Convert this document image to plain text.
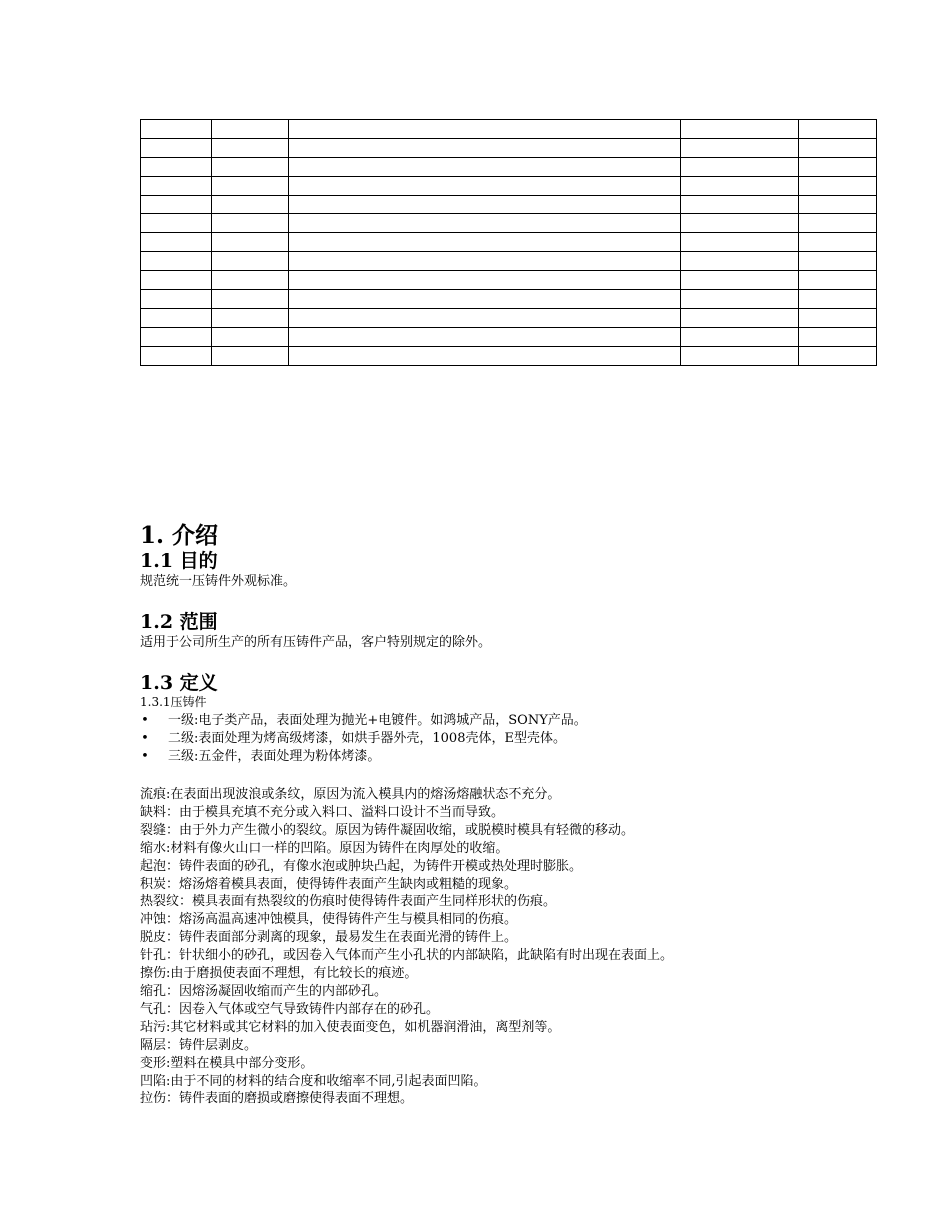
1. 介绍
1.1 目的

规范统一压铸件外观标准。

1.2 范围

适用于公司所生产的所有压铸件产品，客户特别规定的除外。

1.3 定义

1.3.1压铸件

• 一级:电子类产品，表面处理为抛光+电镀件。如鸿城产品，SONY产品。
• 二级:表面处理为烤高级烤漆，如烘手器外壳，1008壳体，E型壳体。
• 三级:五金件，表面处理为粉体烤漆。
流痕:在表面出现波浪或条纹，原因为流入模具内的熔汤熔融状态不充分。
缺料：由于模具充填不充分或入料口、溢料口设计不当而导致。
裂缝：由于外力产生微小的裂纹。原因为铸件凝固收缩，或脱模时模具有轻微的移动。
缩水:材料有像火山口一样的凹陷。原因为铸件在肉厚处的收缩。
起泡：铸件表面的砂孔，有像水泡或肿块凸起，为铸件开模或热处理时膨胀。
积炭：熔汤熔着模具表面，使得铸件表面产生缺肉或粗糙的现象。
热裂纹：模具表面有热裂纹的伤痕时使得铸件表面产生同样形状的伤痕。
冲蚀：熔汤高温高速冲蚀模具，使得铸件产生与模具相同的伤痕。
脱皮：铸件表面部分剥离的现象，最易发生在表面光滑的铸件上。
针孔：针状细小的砂孔，或因卷入气体而产生小孔状的内部缺陷，此缺陷有时出现在表面上。
擦伤:由于磨损使表面不理想，有比较长的痕迹。
缩孔：因熔汤凝固收缩而产生的内部砂孔。
气孔：因卷入气体或空气导致铸件内部存在的砂孔。
玷污:其它材料或其它材料的加入使表面变色，如机器润滑油，离型剂等。
隔层：铸件层剥皮。
变形:塑料在模具中部分变形。
凹陷:由于不同的材料的结合度和收缩率不同,引起表面凹陷。
拉伤：铸件表面的磨损或磨擦使得表面不理想。
